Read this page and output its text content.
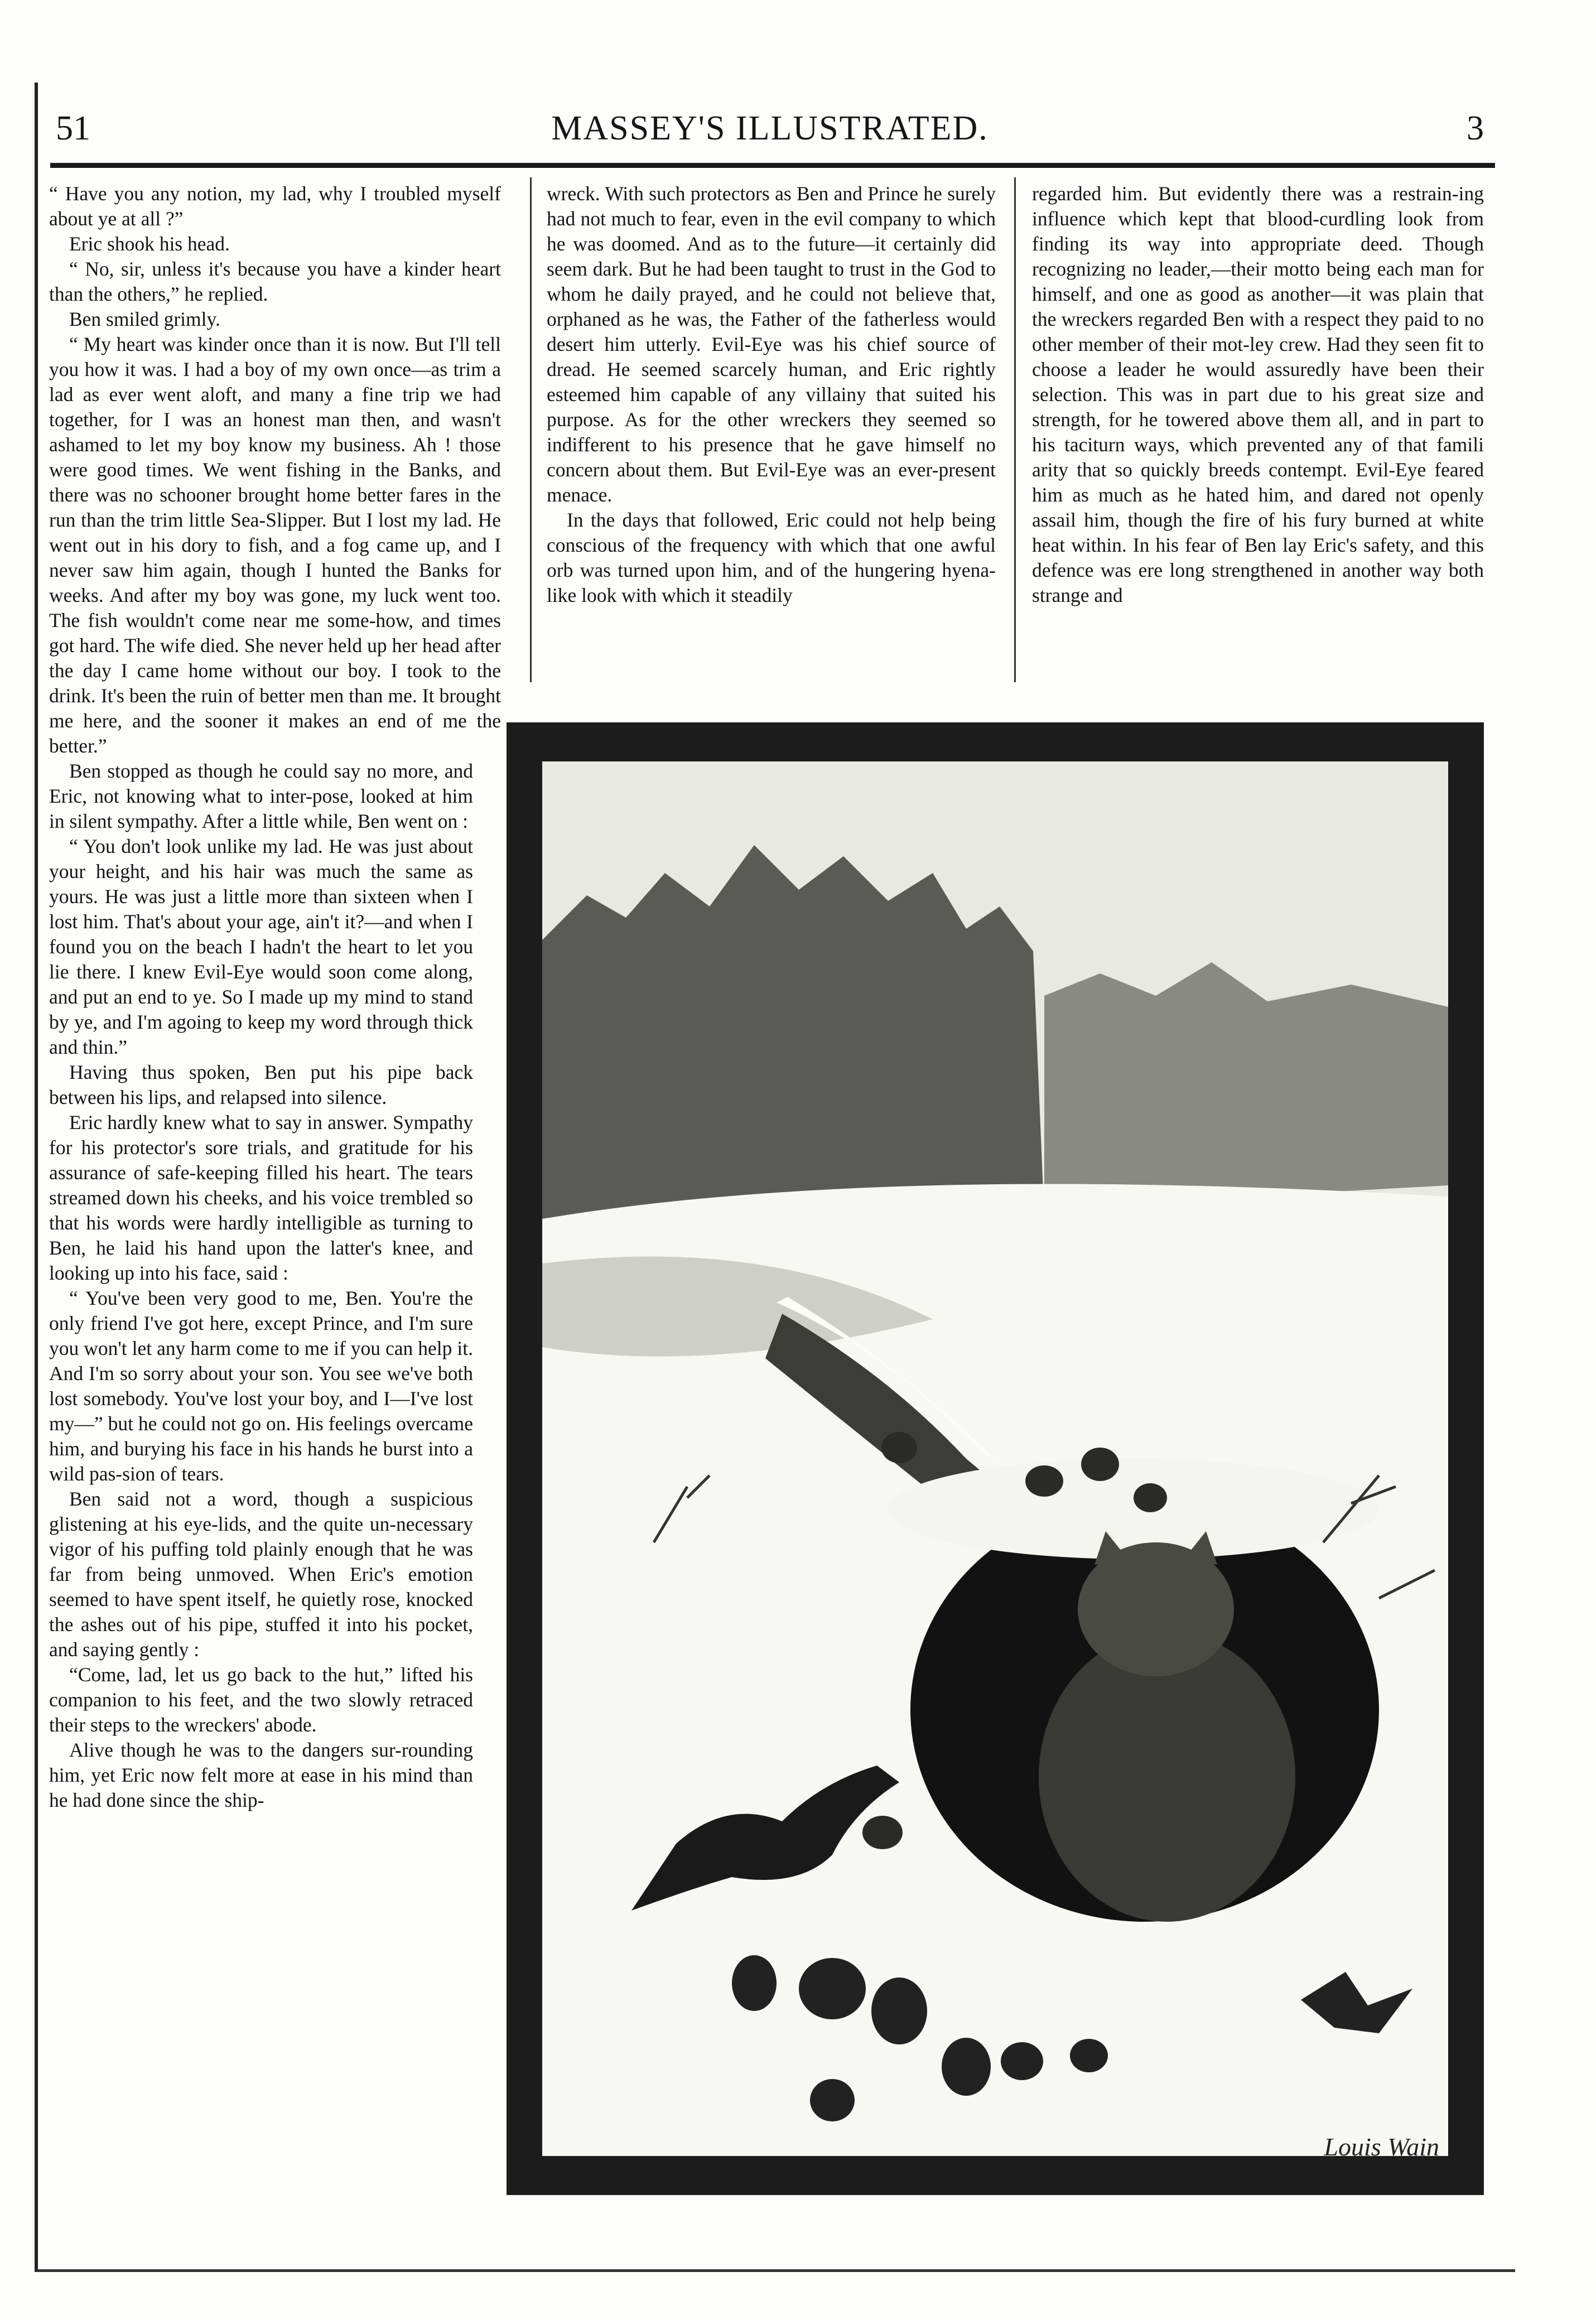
51	MASSEY'S ILLUSTRATED.	3

“ Have you any notion, my lad, why I troubled myself about ye at all ?”

Eric shook his head.

“ No, sir, unless it's because you have a kinder heart than the others,” he replied.

Ben smiled grimly.

“ My heart was kinder once than it is now. But I'll tell you how it was. I had a boy of my own once—as trim a lad as ever went aloft, and many a fine trip we had together, for I was an honest man then, and wasn't ashamed to let my boy know my business. Ah ! those were good times. We went fishing in the Banks, and there was no schooner brought home better fares in the run than the trim little Sea-Slipper. But I lost my lad. He went out in his dory to fish, and a fog came up, and I never saw him again, though I hunted the Banks for weeks. And after my boy was gone, my luck went too. The fish wouldn't come near me some-how, and times got hard. The wife died. She never held up her head after the day I came home without our boy. I took to the drink. It's been the ruin of better men than me. It brought me here, and the sooner it makes an end of me the better.”

Ben stopped as though he could say no more, and Eric, not knowing what to inter-pose, looked at him in silent sympathy. After a little while, Ben went on :

“ You don't look unlike my lad. He was just about your height, and his hair was much the same as yours. He was just a little more than sixteen when I lost him. That's about your age, ain't it?—and when I found you on the beach I hadn't the heart to let you lie there. I knew Evil-Eye would soon come along, and put an end to ye. So I made up my mind to stand by ye, and I'm agoing to keep my word through thick and thin.”

Having thus spoken, Ben put his pipe back between his lips, and relapsed into silence.

Eric hardly knew what to say in answer. Sympathy for his protector's sore trials, and gratitude for his assurance of safe-keeping filled his heart. The tears streamed down his cheeks, and his voice trembled so that his words were hardly intelligible as turning to Ben, he laid his hand upon the latter's knee, and looking up into his face, said :

“ You've been very good to me, Ben. You're the only friend I've got here, except Prince, and I'm sure you won't let any harm come to me if you can help it. And I'm so sorry about your son. You see we've both lost somebody. You've lost your boy, and I—I've lost my—” but he could not go on. His feelings overcame him, and burying his face in his hands he burst into a wild pas-sion of tears.

Ben said not a word, though a suspicious glistening at his eye-lids, and the quite un-necessary vigor of his puffing told plainly enough that he was far from being unmoved. When Eric's emotion seemed to have spent itself, he quietly rose, knocked the ashes out of his pipe, stuffed it into his pocket, and saying gently :

“Come, lad, let us go back to the hut,” lifted his companion to his feet, and the two slowly retraced their steps to the wreckers' abode.

Alive though he was to the dangers sur-rounding him, yet Eric now felt more at ease in his mind than he had done since the ship-

wreck. With such protectors as Ben and Prince he surely had not much to fear, even in the evil company to which he was doomed. And as to the future—it certainly did seem dark. But he had been taught to trust in the God to whom he daily prayed, and he could not believe that, orphaned as he was, the Father of the fatherless would desert him utterly. Evil-Eye was his chief source of dread. He seemed scarcely human, and Eric rightly esteemed him capable of any villainy that suited his purpose. As for the other wreckers they seemed so indifferent to his presence that he gave himself no concern about them. But Evil-Eye was an ever-present menace.

In the days that followed, Eric could not help being conscious of the frequency with which that one awful orb was turned upon him, and of the hungering hyena-like look with which it steadily

regarded him. But evidently there was a restrain-ing influence which kept that blood-curdling look from finding its way into appropriate deed. Though recognizing no leader,—their motto being each man for himself, and one as good as another—it was plain that the wreckers regarded Ben with a respect they paid to no other member of their mot-ley crew. Had they seen fit to choose a leader he would assuredly have been their selection. This was in part due to his great size and strength, for he towered above them all, and in part to his taciturn ways, which prevented any of that famili arity that so quickly breeds contempt. Evil-Eye feared him as much as he hated him, and dared not openly assail him, though the fire of his fury burned at white heat within. In his fear of Ben lay Eric's safety, and this defence was ere long strengthened in another way both strange and

Louis Wain
